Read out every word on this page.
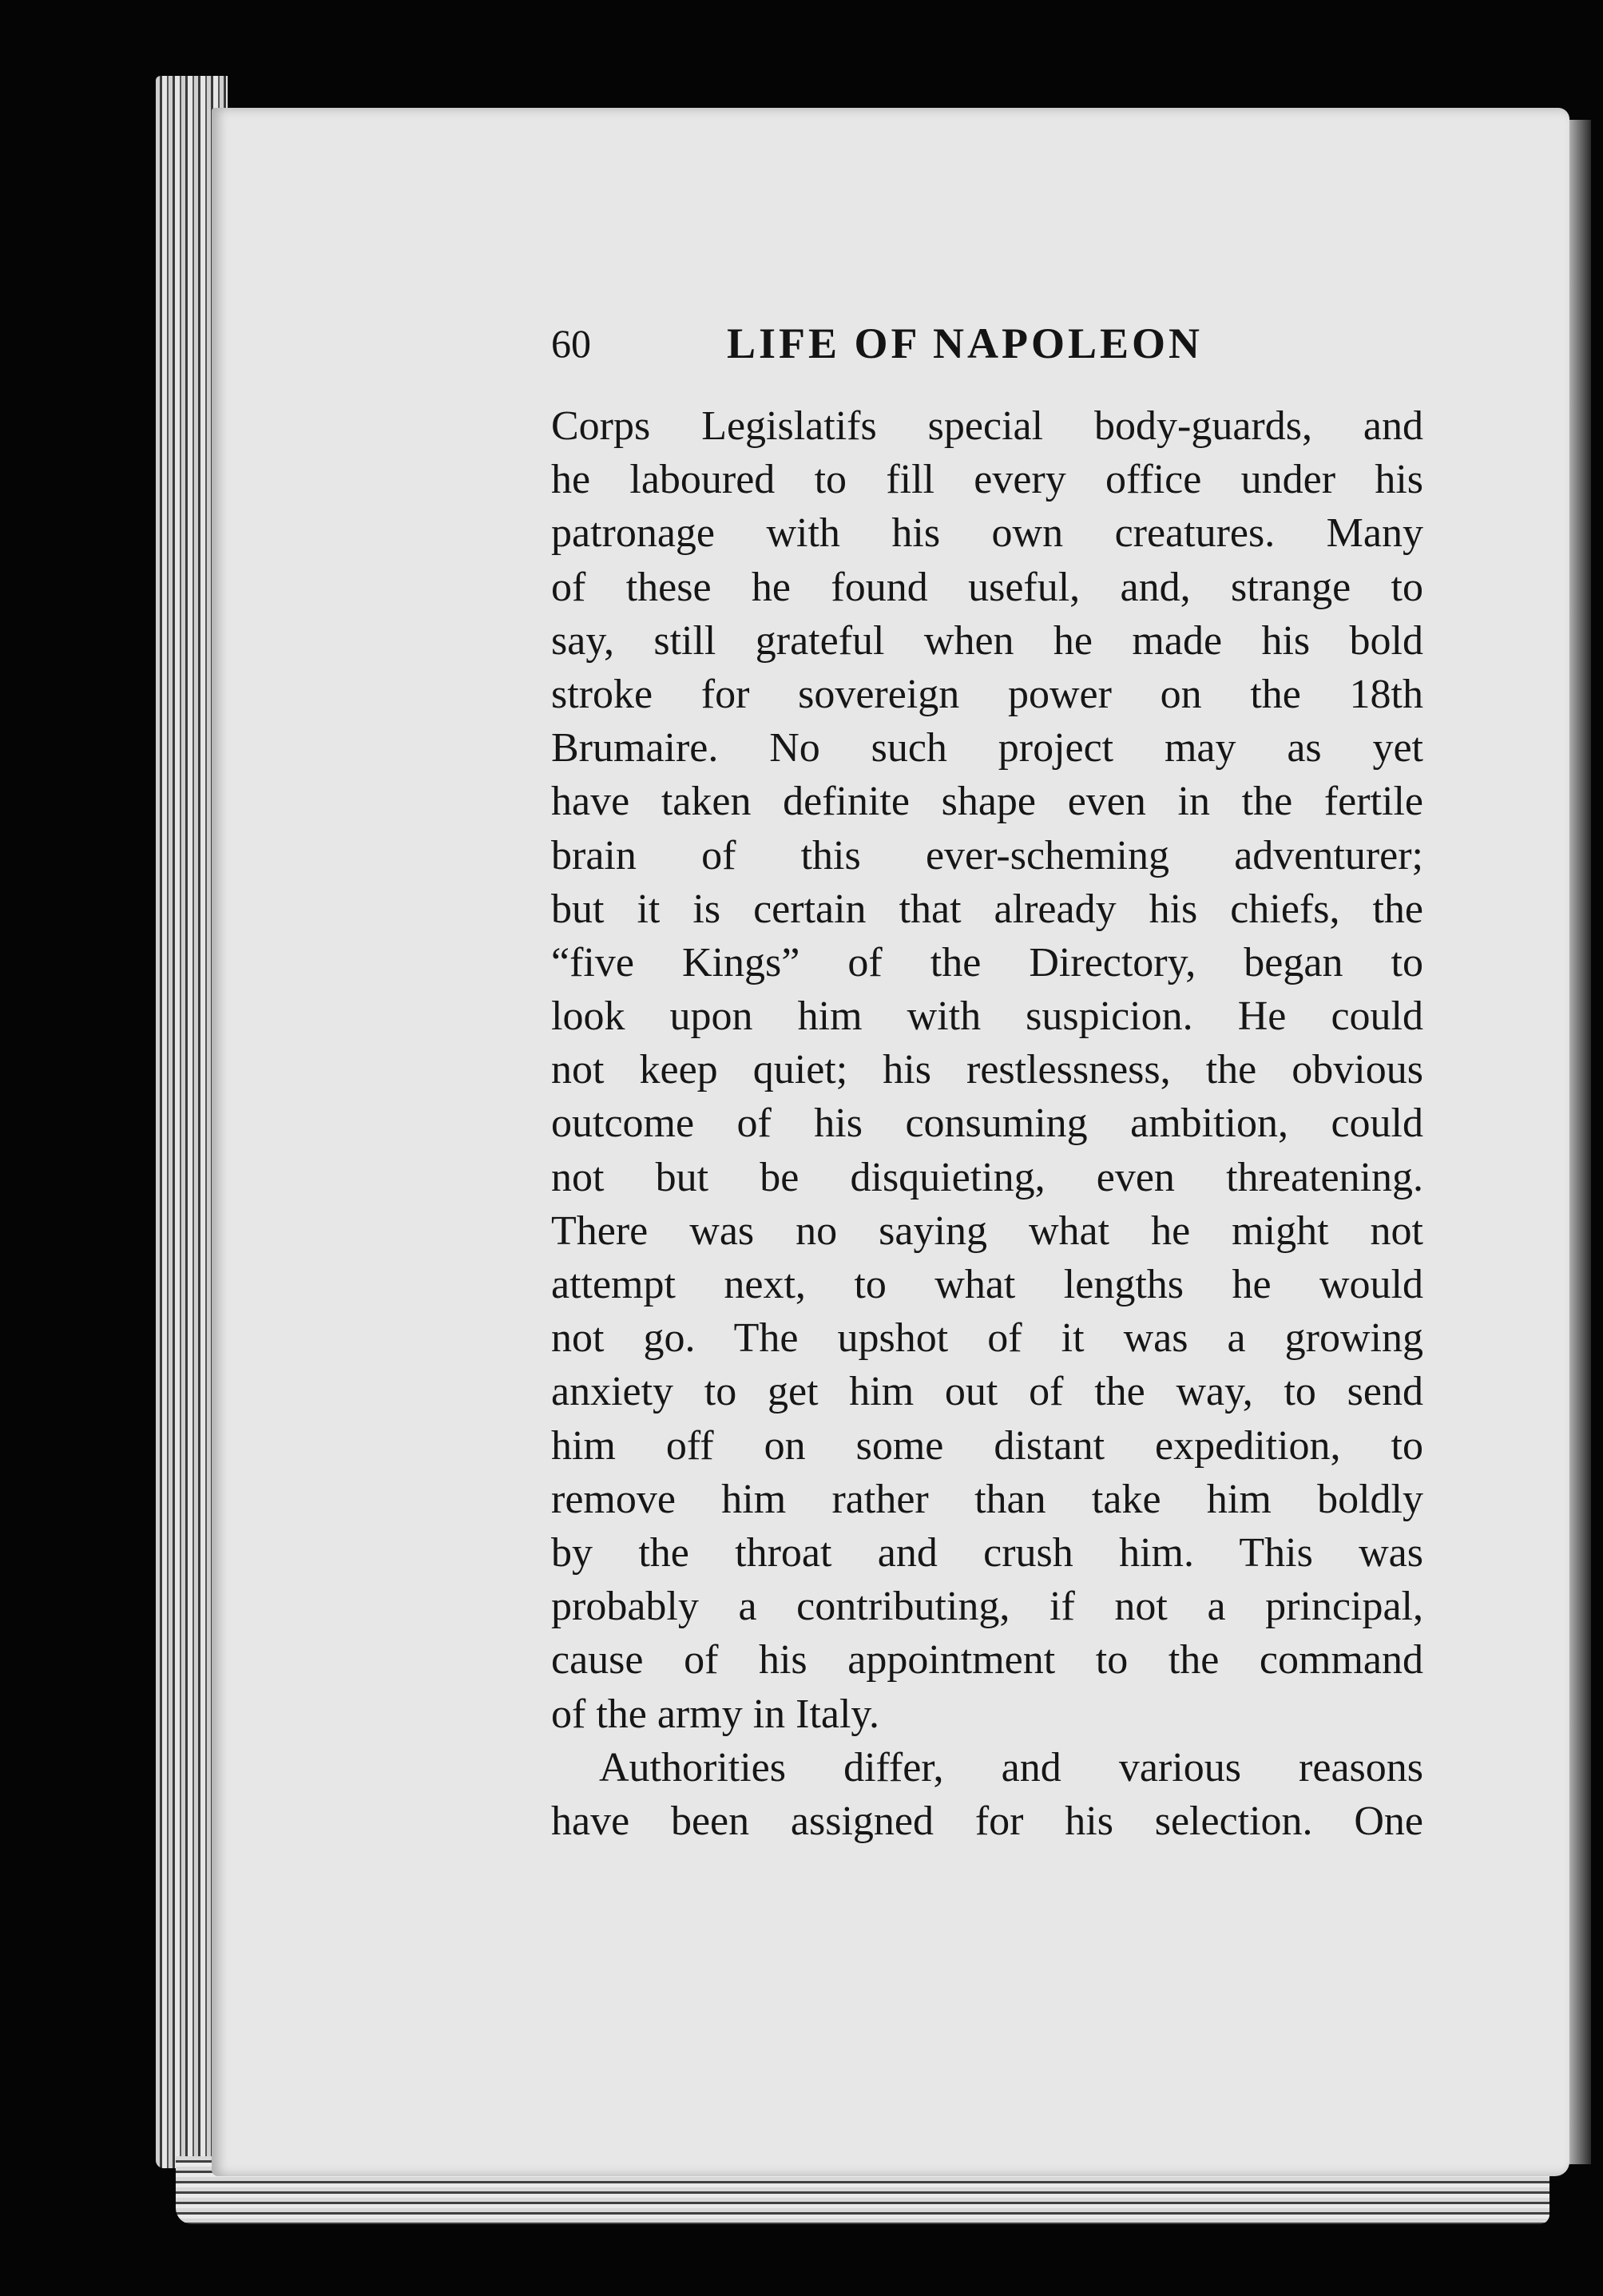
60	LIFE OF NAPOLEON
Corps Legislatifs special body-guards, and
he laboured to fill every office under his
patronage with his own creatures. Many
of these he found useful, and, strange to
say, still grateful when he made his bold
stroke for sovereign power on the 18th
Brumaire. No such project may as yet
have taken definite shape even in the fertile
brain of this ever-scheming adventurer;
but it is certain that already his chiefs, the
“five Kings” of the Directory, began to
look upon him with suspicion. He could
not keep quiet; his restlessness, the obvious
outcome of his consuming ambition, could
not but be disquieting, even threatening.
There was no saying what he might not
attempt next, to what lengths he would
not go. The upshot of it was a growing
anxiety to get him out of the way, to send
him off on some distant expedition, to
remove him rather than take him boldly
by the throat and crush him. This was
probably a contributing, if not a principal,
cause of his appointment to the command
of the army in Italy.
Authorities differ, and various reasons
have been assigned for his selection. One
